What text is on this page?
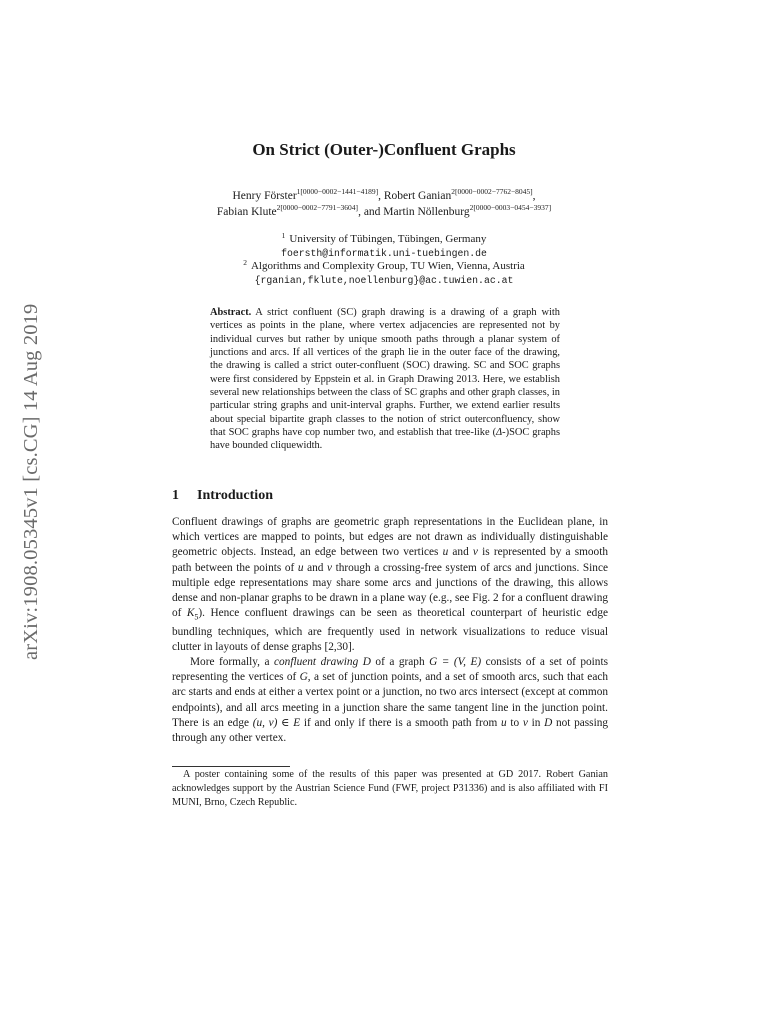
arXiv:1908.05345v1 [cs.CG] 14 Aug 2019
On Strict (Outer-)Confluent Graphs
Henry Förster$^{1[0000-0002-1441-4189]}$, Robert Ganian$^{2[0000-0002-7762-8045]}$,
Fabian Klute$^{2[0000-0002-7791-3604]}$, and Martin Nöllenburg$^{2[0000-0003-0454-3937]}$
$^1$ University of Tübingen, Tübingen, Germany
foersth@informatik.uni-tuebingen.de
$^2$ Algorithms and Complexity Group, TU Wien, Vienna, Austria
{rganian,fklute,noellenburg}@ac.tuwien.ac.at
Abstract. A strict confluent (SC) graph drawing is a drawing of a graph with vertices as points in the plane, where vertex adjacencies are represented not by individual curves but rather by unique smooth paths through a planar system of junctions and arcs. If all vertices of the graph lie in the outer face of the drawing, the drawing is called a strict outer-confluent (SOC) drawing. SC and SOC graphs were first considered by Eppstein et al. in Graph Drawing 2013. Here, we establish several new relationships between the class of SC graphs and other graph classes, in particular string graphs and unit-interval graphs. Further, we extend earlier results about special bipartite graph classes to the notion of strict outerconfluency, show that SOC graphs have cop number two, and establish that tree-like (Δ-)SOC graphs have bounded cliquewidth.
1 Introduction

Confluent drawings of graphs are geometric graph representations in the Euclidean plane, in which vertices are mapped to points, but edges are not drawn as individually distinguishable geometric objects. Instead, an edge between two vertices u and v is represented by a smooth path between the points of u and v through a crossing-free system of arcs and junctions. Since multiple edge representations may share some arcs and junctions of the drawing, this allows dense and non-planar graphs to be drawn in a plane way (e.g., see Fig. 2 for a confluent drawing of $K_5$). Hence confluent drawings can be seen as theoretical counterpart of heuristic edge bundling techniques, which are frequently used in network visualizations to reduce visual clutter in layouts of dense graphs [2,30].

More formally, a confluent drawing D of a graph G = (V, E) consists of a set of points representing the vertices of G, a set of junction points, and a set of smooth arcs, such that each arc starts and ends at either a vertex point or a junction, no two arcs intersect (except at common endpoints), and all arcs meeting in a junction share the same tangent line in the junction point. There is an edge (u, v) ∈ E if and only if there is a smooth path from u to v in D not passing through any other vertex.

A poster containing some of the results of this paper was presented at GD 2017. Robert Ganian acknowledges support by the Austrian Science Fund (FWF, project P31336) and is also affiliated with FI MUNI, Brno, Czech Republic.
